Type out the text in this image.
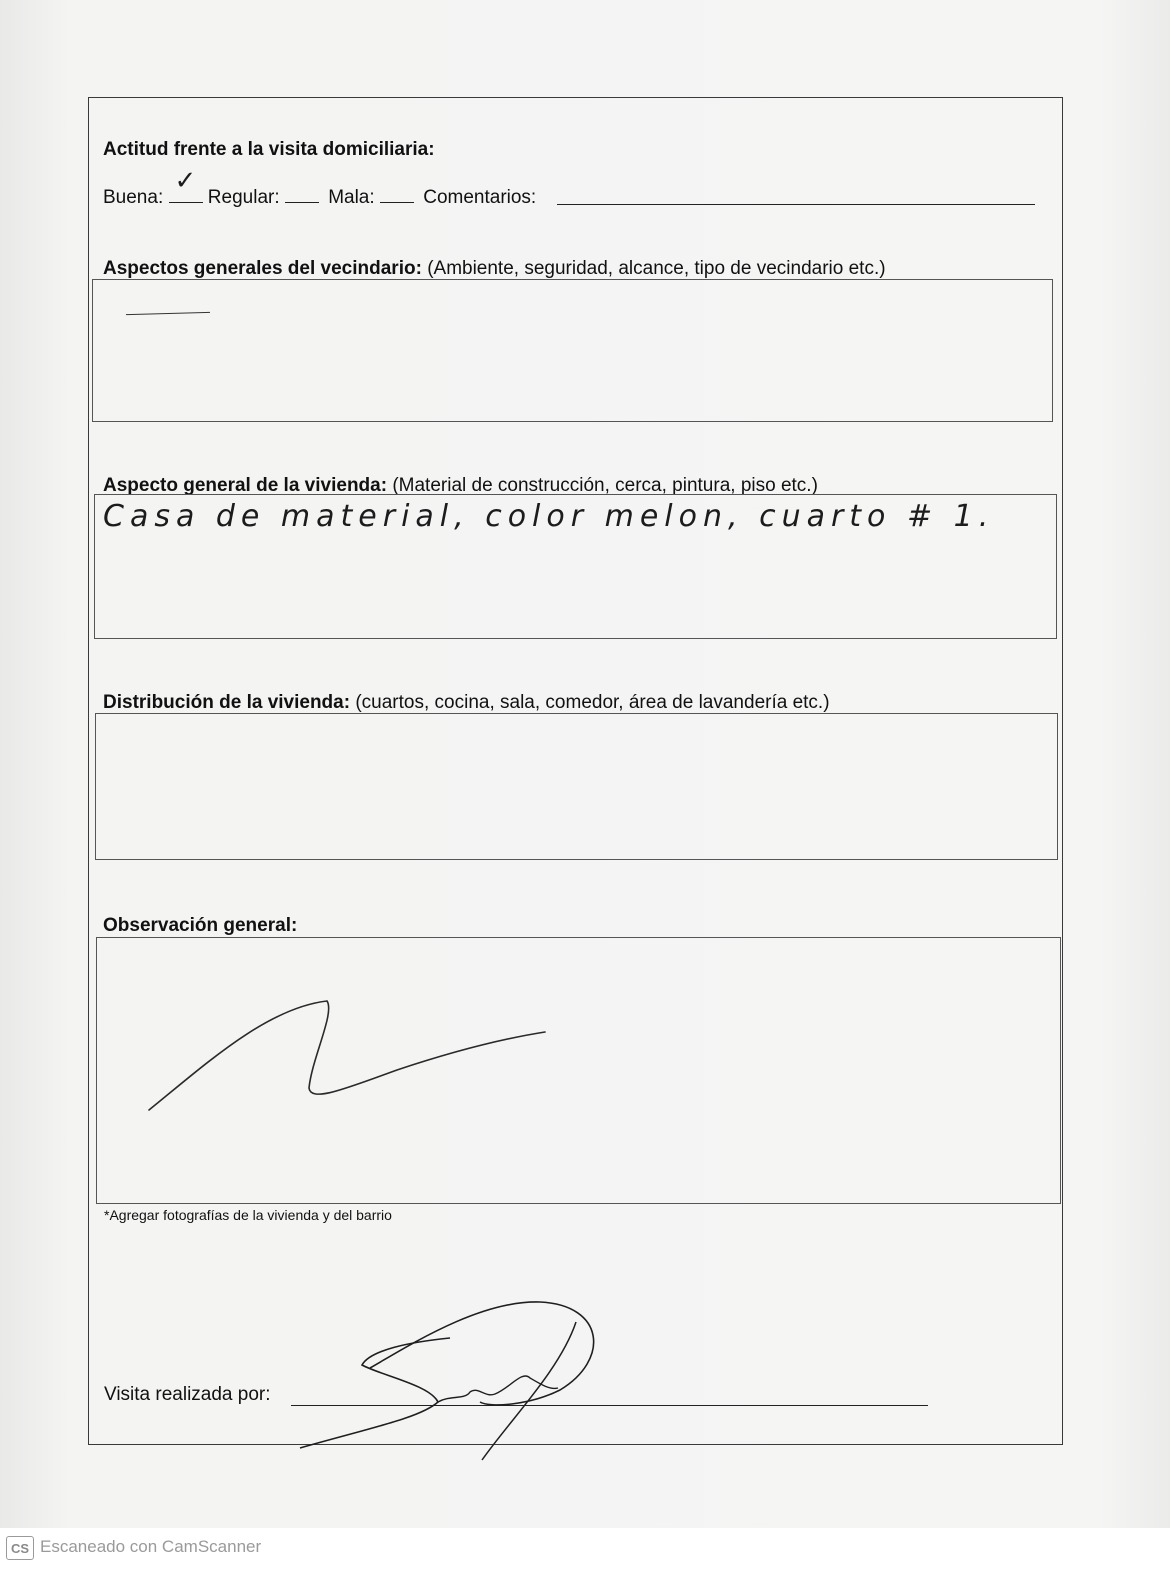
Actitud frente a la visita domiciliaria:
Buena:
✓
Regular:	Mala:	Comentarios:
Aspectos generales del vecindario: (Ambiente, seguridad, alcance, tipo de vecindario etc.)
Aspecto general de la vivienda: (Material de construcción, cerca, pintura, piso etc.)
Casa de material, color melon, cuarto # 1.
Distribución de la vivienda: (cuartos, cocina, sala, comedor, área de lavandería etc.)
Observación general:
*Agregar fotografías de la vivienda y del barrio
Visita realizada por:
CS Escaneado con CamScanner
